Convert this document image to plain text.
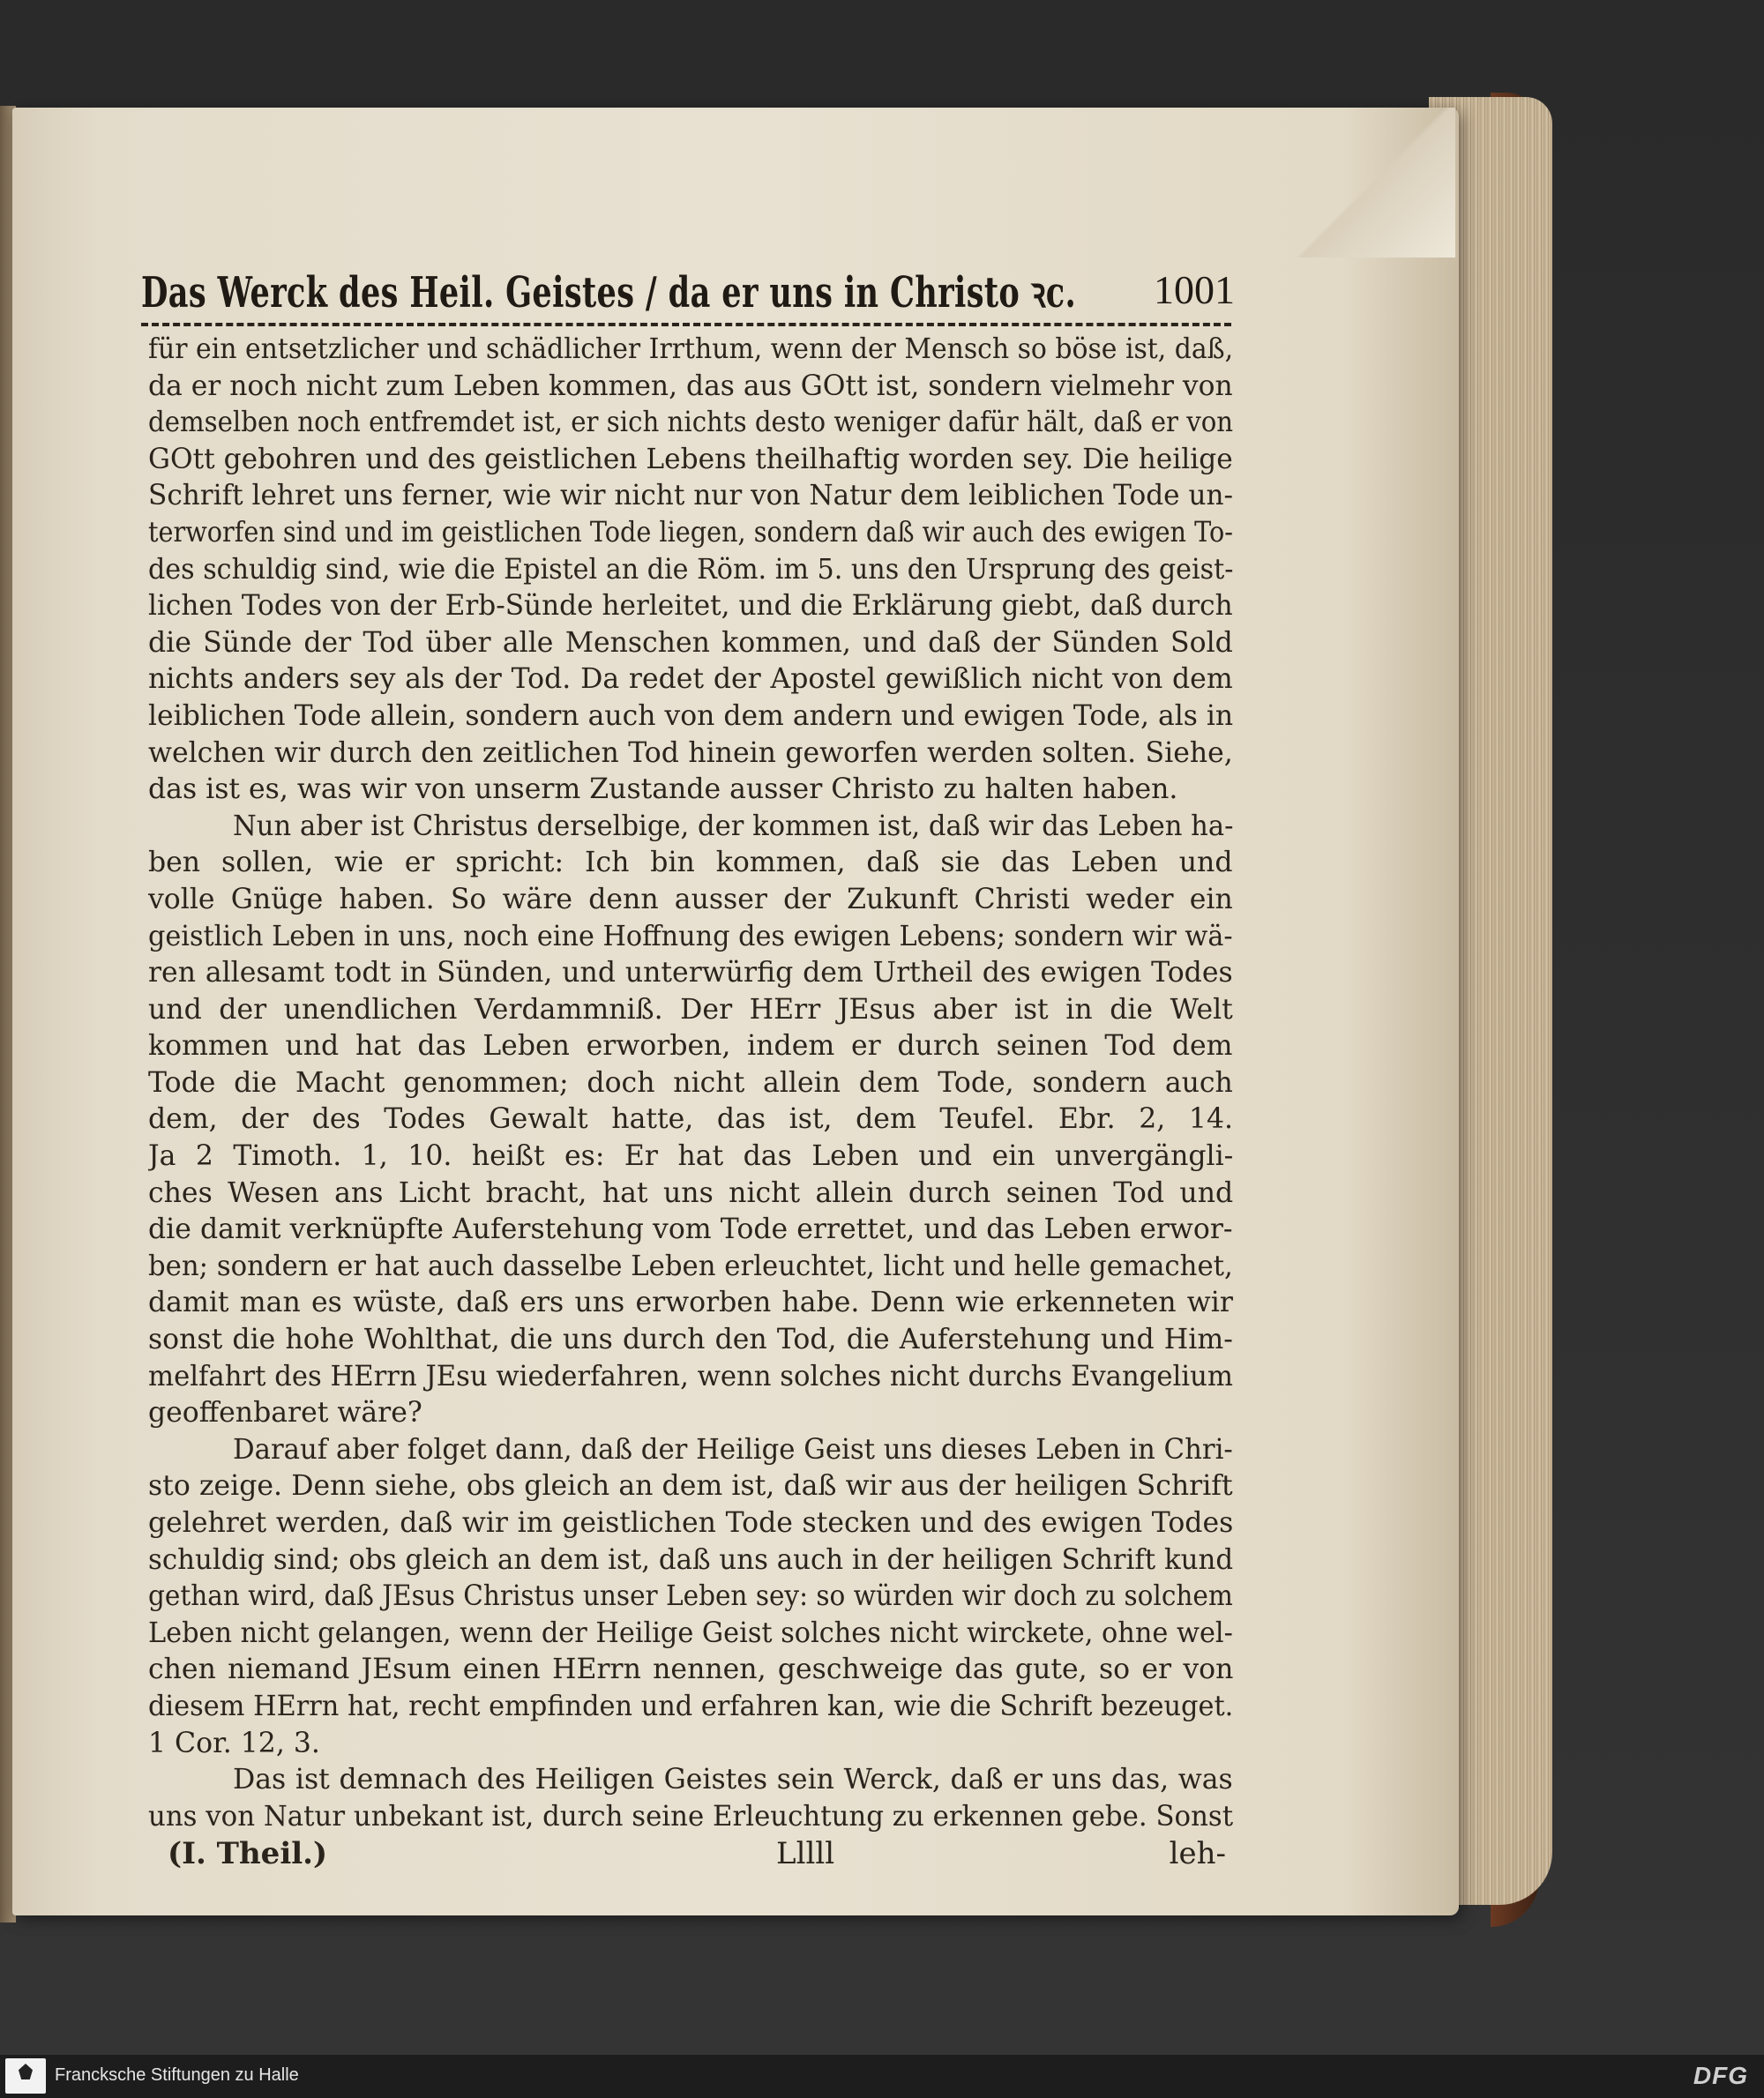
Das Werck des Heil. Geistes / da er uns in Christo ꝛc. 1001
für ein entsetzlicher und schädlicher Irrthum, wenn der Mensch so böse ist, daß,
da er noch nicht zum Leben kommen, das aus GOtt ist, sondern vielmehr von
demselben noch entfremdet ist, er sich nichts desto weniger dafür hält, daß er von
GOtt gebohren und des geistlichen Lebens theilhaftig worden sey. Die heilige
Schrift lehret uns ferner, wie wir nicht nur von Natur dem leiblichen Tode un-
terworfen sind und im geistlichen Tode liegen, sondern daß wir auch des ewigen To-
des schuldig sind, wie die Epistel an die Röm. im 5. uns den Ursprung des geist-
lichen Todes von der Erb-Sünde herleitet, und die Erklärung giebt, daß durch
die Sünde der Tod über alle Menschen kommen, und daß der Sünden Sold
nichts anders sey als der Tod. Da redet der Apostel gewißlich nicht von dem
leiblichen Tode allein, sondern auch von dem andern und ewigen Tode, als in
welchen wir durch den zeitlichen Tod hinein geworfen werden solten. Siehe,
das ist es, was wir von unserm Zustande ausser Christo zu halten haben.
Nun aber ist Christus derselbige, der kommen ist, daß wir das Leben ha-
ben sollen, wie er spricht: Ich bin kommen, daß sie das Leben und
volle Gnüge haben. So wäre denn ausser der Zukunft Christi weder ein
geistlich Leben in uns, noch eine Hoffnung des ewigen Lebens; sondern wir wä-
ren allesamt todt in Sünden, und unterwürfig dem Urtheil des ewigen Todes
und der unendlichen Verdammniß. Der HErr JEsus aber ist in die Welt
kommen und hat das Leben erworben, indem er durch seinen Tod dem
Tode die Macht genommen; doch nicht allein dem Tode, sondern auch
dem, der des Todes Gewalt hatte, das ist, dem Teufel. Ebr. 2, 14.
Ja 2 Timoth. 1, 10. heißt es: Er hat das Leben und ein unvergängli-
ches Wesen ans Licht bracht, hat uns nicht allein durch seinen Tod und
die damit verknüpfte Auferstehung vom Tode errettet, und das Leben erwor-
ben; sondern er hat auch dasselbe Leben erleuchtet, licht und helle gemachet,
damit man es wüste, daß ers uns erworben habe. Denn wie erkenneten wir
sonst die hohe Wohlthat, die uns durch den Tod, die Auferstehung und Him-
melfahrt des HErrn JEsu wiederfahren, wenn solches nicht durchs Evangelium
geoffenbaret wäre?
Darauf aber folget dann, daß der Heilige Geist uns dieses Leben in Chri-
sto zeige. Denn siehe, obs gleich an dem ist, daß wir aus der heiligen Schrift
gelehret werden, daß wir im geistlichen Tode stecken und des ewigen Todes
schuldig sind; obs gleich an dem ist, daß uns auch in der heiligen Schrift kund
gethan wird, daß JEsus Christus unser Leben sey: so würden wir doch zu solchem
Leben nicht gelangen, wenn der Heilige Geist solches nicht wirckete, ohne wel-
chen niemand JEsum einen HErrn nennen, geschweige das gute, so er von
diesem HErrn hat, recht empfinden und erfahren kan, wie die Schrift bezeuget.
1 Cor. 12, 3.
Das ist demnach des Heiligen Geistes sein Werck, daß er uns das, was
uns von Natur unbekant ist, durch seine Erleuchtung zu erkennen gebe. Sonst
(I. Theil.)	Lllll	leh-
Francksche Stiftungen zu Halle	DFG
